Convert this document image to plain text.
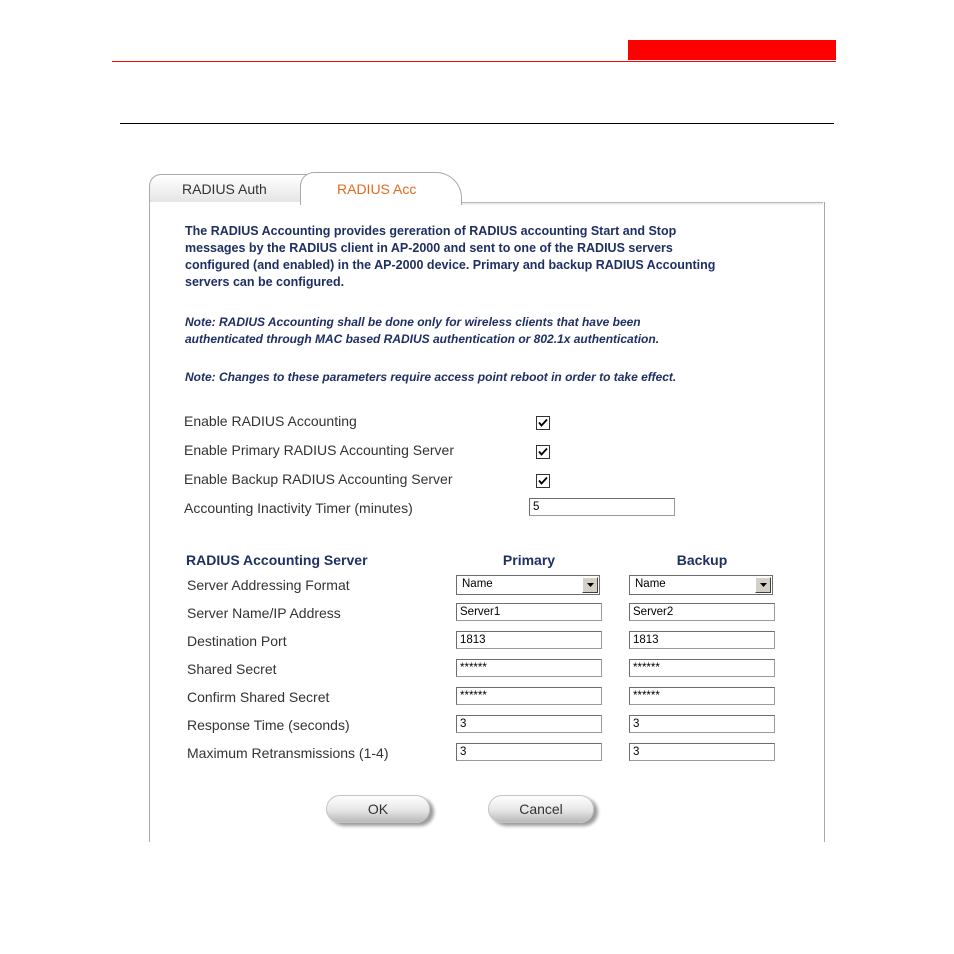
RADIUS Auth	RADIUS Acc
The RADIUS Accounting provides gereration of RADIUS accounting Start and Stop
messages by the RADIUS client in AP-2000 and sent to one of the RADIUS servers
configured (and enabled) in the AP-2000 device. Primary and backup RADIUS Accounting
servers can be configured.
Note: RADIUS Accounting shall be done only for wireless clients that have been
authenticated through MAC based RADIUS authentication or 802.1x authentication.
Note: Changes to these parameters require access point reboot in order to take effect.
Enable RADIUS Accounting
Enable Primary RADIUS Accounting Server
Enable Backup RADIUS Accounting Server
Accounting Inactivity Timer (minutes)	5
RADIUS Accounting Server	Primary	Backup
Server Addressing Format	Name	Name
Server Name/IP Address	Server1	Server2
Destination Port	1813	1813
Shared Secret	******	******
Confirm Shared Secret	******	******
Response Time (seconds)	3	3
Maximum Retransmissions (1-4)	3	3
OK	Cancel
